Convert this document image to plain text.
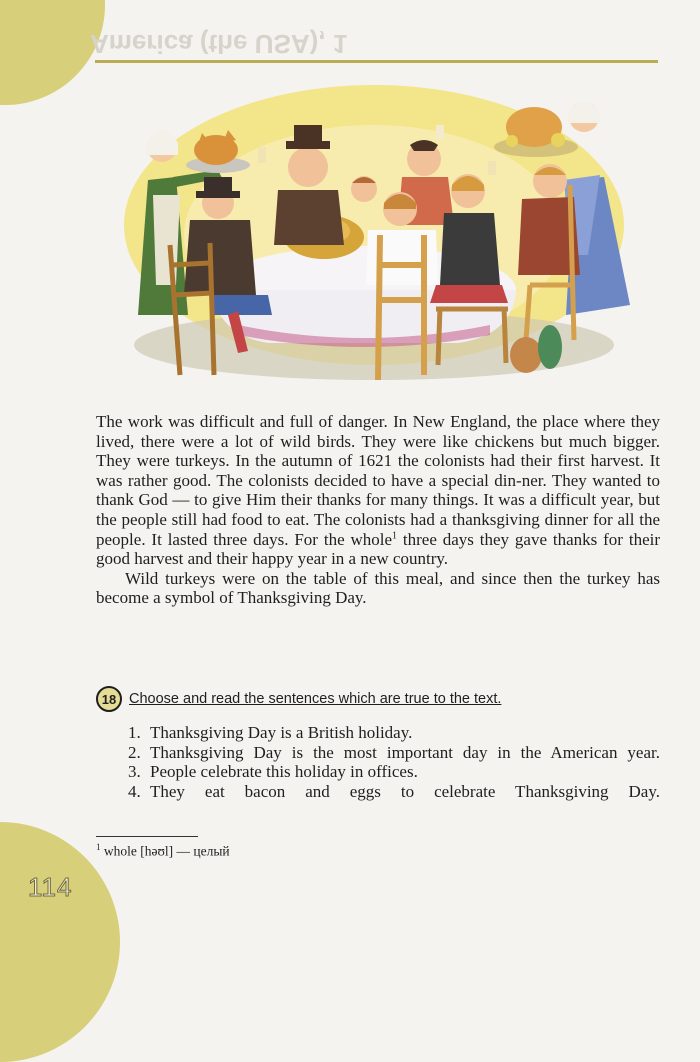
America (the USA), 1

The work was difficult and full of danger. In New England, the place where they lived, there were a lot of wild birds. They were like chickens but much bigger. They were turkeys. In the autumn of 1621 the colonists had their first harvest. It was rather good. The colonists decided to have a special din-ner. They wanted to thank God — to give Him their thanks for many things. It was a difficult year, but the people still had food to eat. The colonists had a thanksgiving dinner for all the people. It lasted three days. For the whole$^1$ three days they gave thanks for their good harvest and their happy year in a new country.

Wild turkeys were on the table of this meal, and since then the turkey has become a symbol of Thanksgiving Day.

18 Choose and read the sentences which are true to the text.
1. Thanksgiving Day is a British holiday.
2. Thanksgiving Day is the most important day in the American year.
3. People celebrate this holiday in offices.
4. They eat bacon and eggs to celebrate Thanksgiving Day.
$^1$ whole [həʊl] — целый
114
